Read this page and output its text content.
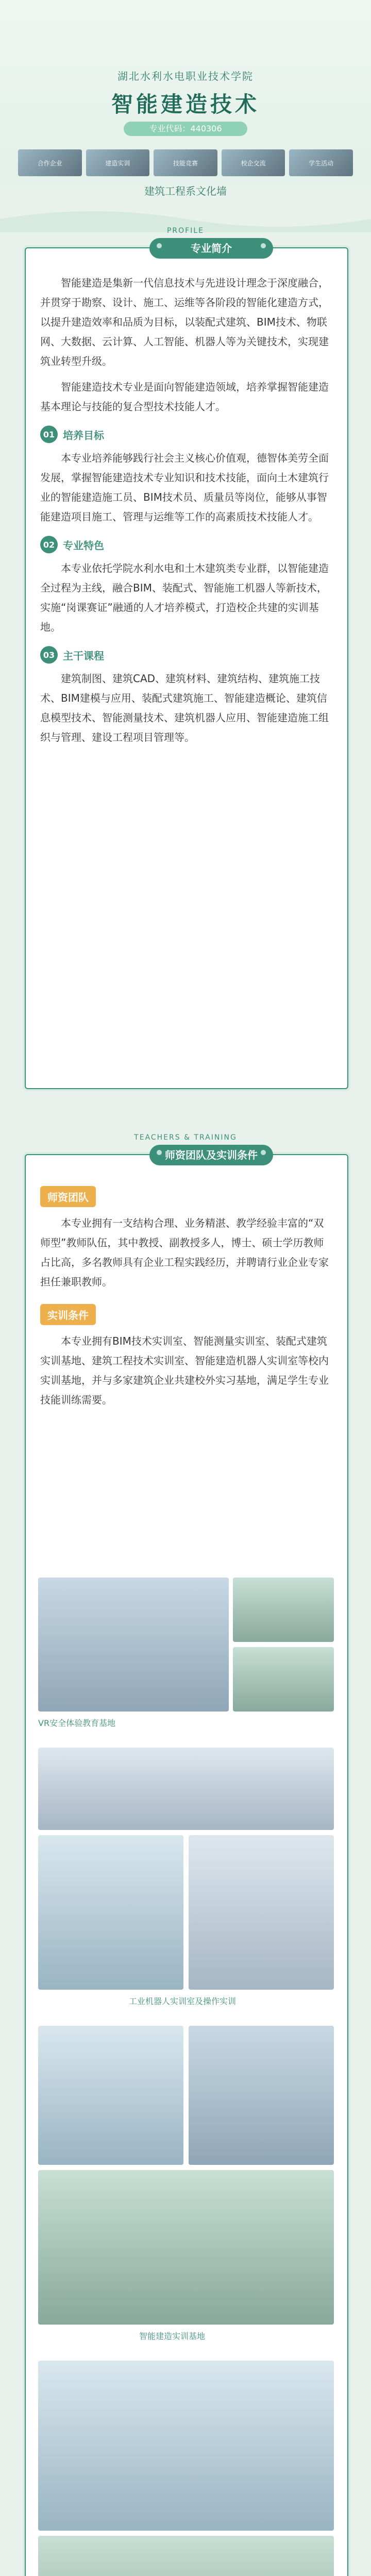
湖北水利水电职业技术学院
智能建造技术
专业代码：440306
合作企业	建造实训	技能竞赛	校企交流	学生活动
建筑工程系文化墙
PROFILE
专业简介

智能建造是集新一代信息技术与先进设计理念于深度融合，并贯穿于勘察、设计、施工、运维等各阶段的智能化建造方式，以提升建造效率和品质为目标，以装配式建筑、BIM技术、物联网、大数据、云计算、人工智能、机器人等为关键技术，实现建筑业转型升级。

智能建造技术专业是面向智能建造领域，培养掌握智能建造基本理论与技能的复合型技术技能人才。

01 培养目标

本专业培养能够践行社会主义核心价值观，德智体美劳全面发展，掌握智能建造技术专业知识和技术技能，面向土木建筑行业的智能建造施工员、BIM技术员、质量员等岗位，能够从事智能建造项目施工、管理与运维等工作的高素质技术技能人才。

02 专业特色

本专业依托学院水利水电和土木建筑类专业群，以智能建造全过程为主线，融合BIM、装配式、智能施工机器人等新技术，实施“岗课赛证”融通的人才培养模式，打造校企共建的实训基地。

03 主干课程

建筑制图、建筑CAD、建筑材料、建筑结构、建筑施工技术、BIM建模与应用、装配式建筑施工、智能建造概论、建筑信息模型技术、智能测量技术、建筑机器人应用、智能建造施工组织与管理、建设工程项目管理等。

TEACHERS & TRAINING
师资团队及实训条件
师资团队

本专业拥有一支结构合理、业务精湛、教学经验丰富的“双师型”教师队伍，其中教授、副教授多人，博士、硕士学历教师占比高，多名教师具有企业工程实践经历，并聘请行业企业专家担任兼职教师。

实训条件

本专业拥有BIM技术实训室、智能测量实训室、装配式建筑实训基地、建筑工程技术实训室、智能建造机器人实训室等校内实训基地，并与多家建筑企业共建校外实习基地，满足学生专业技能训练需要。

VR安全体验教育基地
工业机器人实训室及操作实训
智能建造实训基地
